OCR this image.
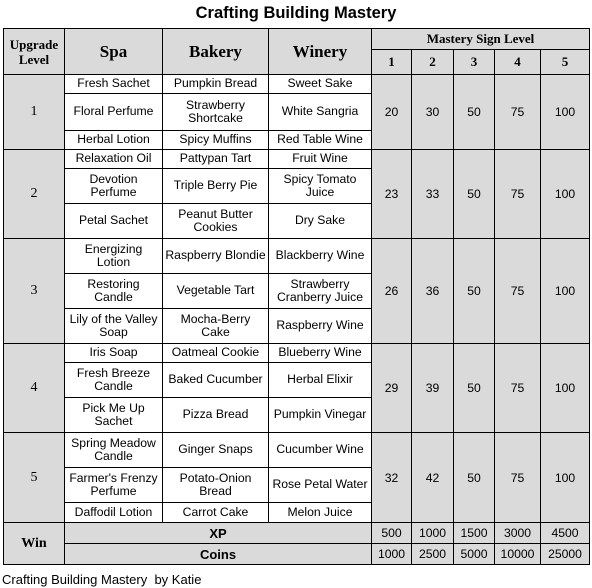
Crafting Building Mastery
Upgrade Level	Spa	Bakery	Winery	Mastery Sign Level				
				1	2	3	4	5
1	Fresh Sachet	Pumpkin Bread	Sweet Sake	20	30	50	75	100
	Floral Perfume	Strawberry Shortcake	White Sangria					
	Herbal Lotion	Spicy Muffins	Red Table Wine					
2	Relaxation Oil	Pattypan Tart	Fruit Wine	23	33	50	75	100
	Devotion Perfume	Triple Berry Pie	Spicy Tomato Juice					
	Petal Sachet	Peanut Butter Cookies	Dry Sake					
3	Energizing Lotion	Raspberry Blondie	Blackberry Wine	26	36	50	75	100
	Restoring Candle	Vegetable Tart	Strawberry Cranberry Juice					
	Lily of the Valley Soap	Mocha-Berry Cake	Raspberry Wine					
4	Iris Soap	Oatmeal Cookie	Blueberry Wine	29	39	50	75	100
	Fresh Breeze Candle	Baked Cucumber	Herbal Elixir					
	Pick Me Up Sachet	Pizza Bread	Pumpkin Vinegar					
5	Spring Meadow Candle	Ginger Snaps	Cucumber Wine	32	42	50	75	100
	Farmer's Frenzy Perfume	Potato-Onion Bread	Rose Petal Water					
	Daffodil Lotion	Carrot Cake	Melon Juice					
Win	XP			500	1000	1500	3000	4500
	Coins			1000	2500	5000	10000	25000
Crafting Building Mastery  by Katie
